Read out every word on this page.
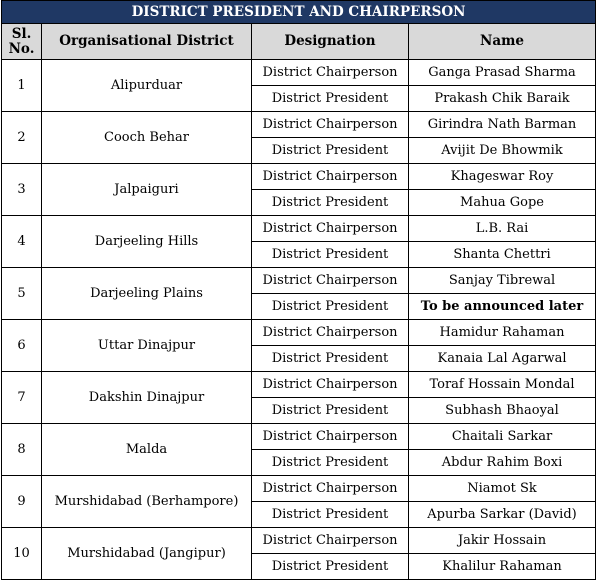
DISTRICT PRESIDENT AND CHAIRPERSON			

Sl.
No.	Organisational District	Designation	Name
1	Alipurduar	District Chairperson	Ganga Prasad Sharma
		District President	Prakash Chik Baraik
2	Cooch Behar	District Chairperson	Girindra Nath Barman
		District President	Avijit De Bhowmik
3	Jalpaiguri	District Chairperson	Khageswar Roy
		District President	Mahua Gope
4	Darjeeling Hills	District Chairperson	L.B. Rai
		District President	Shanta Chettri
5	Darjeeling Plains	District Chairperson	Sanjay Tibrewal
		District President	To be announced later
6	Uttar Dinajpur	District Chairperson	Hamidur Rahaman
		District President	Kanaia Lal Agarwal
7	Dakshin Dinajpur	District Chairperson	Toraf Hossain Mondal
		District President	Subhash Bhaoyal
8	Malda	District Chairperson	Chaitali Sarkar
		District President	Abdur Rahim Boxi
9	Murshidabad (Berhampore)	District Chairperson	Niamot Sk
		District President	Apurba Sarkar (David)
10	Murshidabad (Jangipur)	District Chairperson	Jakir Hossain
		District President	Khalilur Rahaman
